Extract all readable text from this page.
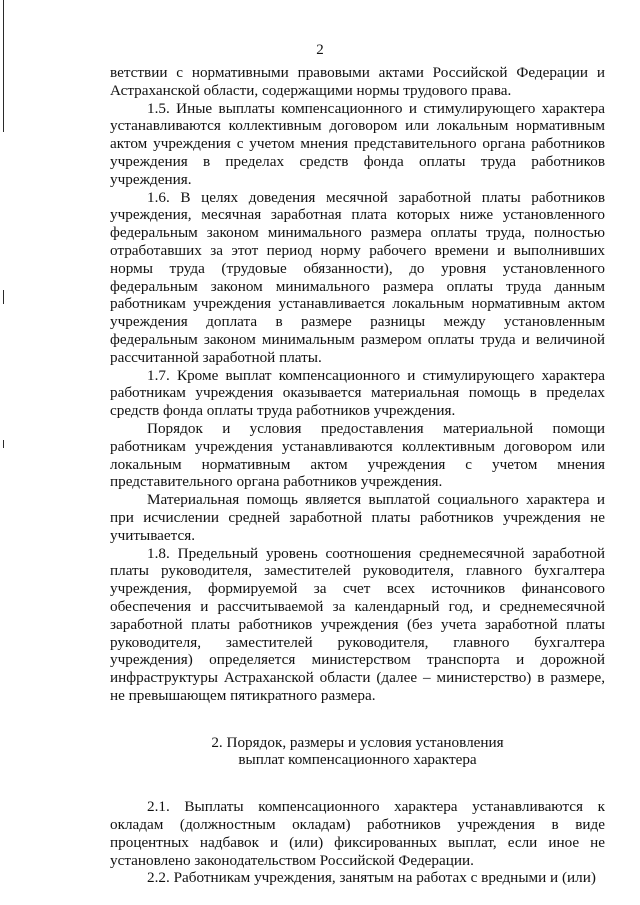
2

ветствии с нормативными правовыми актами Российской Федерации и Астраханской области, содержащими нормы трудового права.

1.5. Иные выплаты компенсационного и стимулирующего характера устанавливаются коллективным договором или локальным нормативным актом учреждения с учетом мнения представительного органа работников учреждения в пределах средств фонда оплаты труда работников учреждения.

1.6. В целях доведения месячной заработной платы работников учреждения, месячная заработная плата которых ниже установленного федеральным законом минимального размера оплаты труда, полностью отработавших за этот период норму рабочего времени и выполнивших нормы труда (трудовые обязанности), до уровня установленного федеральным законом минимального размера оплаты труда данным работникам учреждения устанавливается локальным нормативным актом учреждения доплата в размере разницы между установленным федеральным законом минимальным размером оплаты труда и величиной рассчитанной заработной платы.

1.7. Кроме выплат компенсационного и стимулирующего характера работникам учреждения оказывается материальная помощь в пределах средств фонда оплаты труда работников учреждения.

Порядок и условия предоставления материальной помощи работникам учреждения устанавливаются коллективным договором или локальным нормативным актом учреждения с учетом мнения представительного органа работников учреждения.

Материальная помощь является выплатой социального характера и при исчислении средней заработной платы работников учреждения не учитывается.

1.8. Предельный уровень соотношения среднемесячной заработной платы руководителя, заместителей руководителя, главного бухгалтера учреждения, формируемой за счет всех источников финансового обеспечения и рассчитываемой за календарный год, и среднемесячной заработной платы работников учреждения (без учета заработной платы руководителя, заместителей руководителя, главного бухгалтера учреждения) определяется министерством транспорта и дорожной инфраструктуры Астраханской области (далее – министерство) в размере, не превышающем пятикратного размера.

2. Порядок, размеры и условия установления
выплат компенсационного характера

2.1. Выплаты компенсационного характера устанавливаются к окладам (должностным окладам) работников учреждения в виде процентных надбавок и (или) фиксированных выплат, если иное не установлено законодательством Российской Федерации.

2.2. Работникам учреждения, занятым на работах с вредными и (или)
